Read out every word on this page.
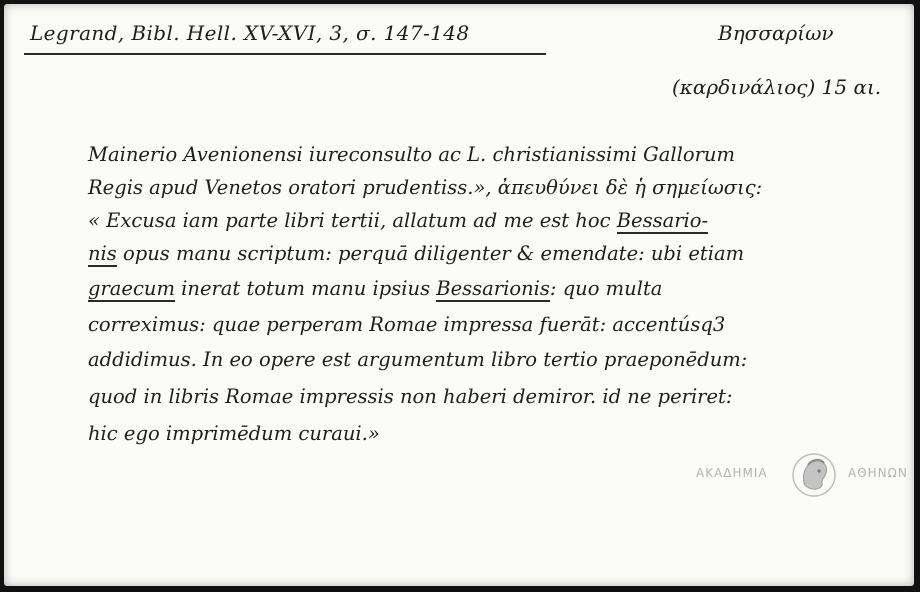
Legrand, Bibl. Hell. XV-XVI, 3, σ. 147-148	Βησσαρίων
(καρδινάλιος) 15 αι.
Mainerio Avenionensi iureconsulto ac L. christianissimi Gallorum
Regis apud Venetos oratori prudentiss.», ἀπευθύνει δὲ ἡ σημείωσις:
« Excusa iam parte libri tertii, allatum ad me est hoc Bessario-
nis opus manu scriptum: perquā diligenter & emendate: ubi etiam
graecum inerat totum manu ipsius Bessarionis: quo multa
correximus: quae perperam Romae impressa fuerāt: accentúsq3
addidimus. In eo opere est argumentum libro tertio praeponēdum:
quod in libris Romae impressis non haberi demiror. id ne periret:
hic ego imprimēdum curaui.»
ΑΚΑΔΗΜΙΑ	ΑΘΗΝΩΝ
